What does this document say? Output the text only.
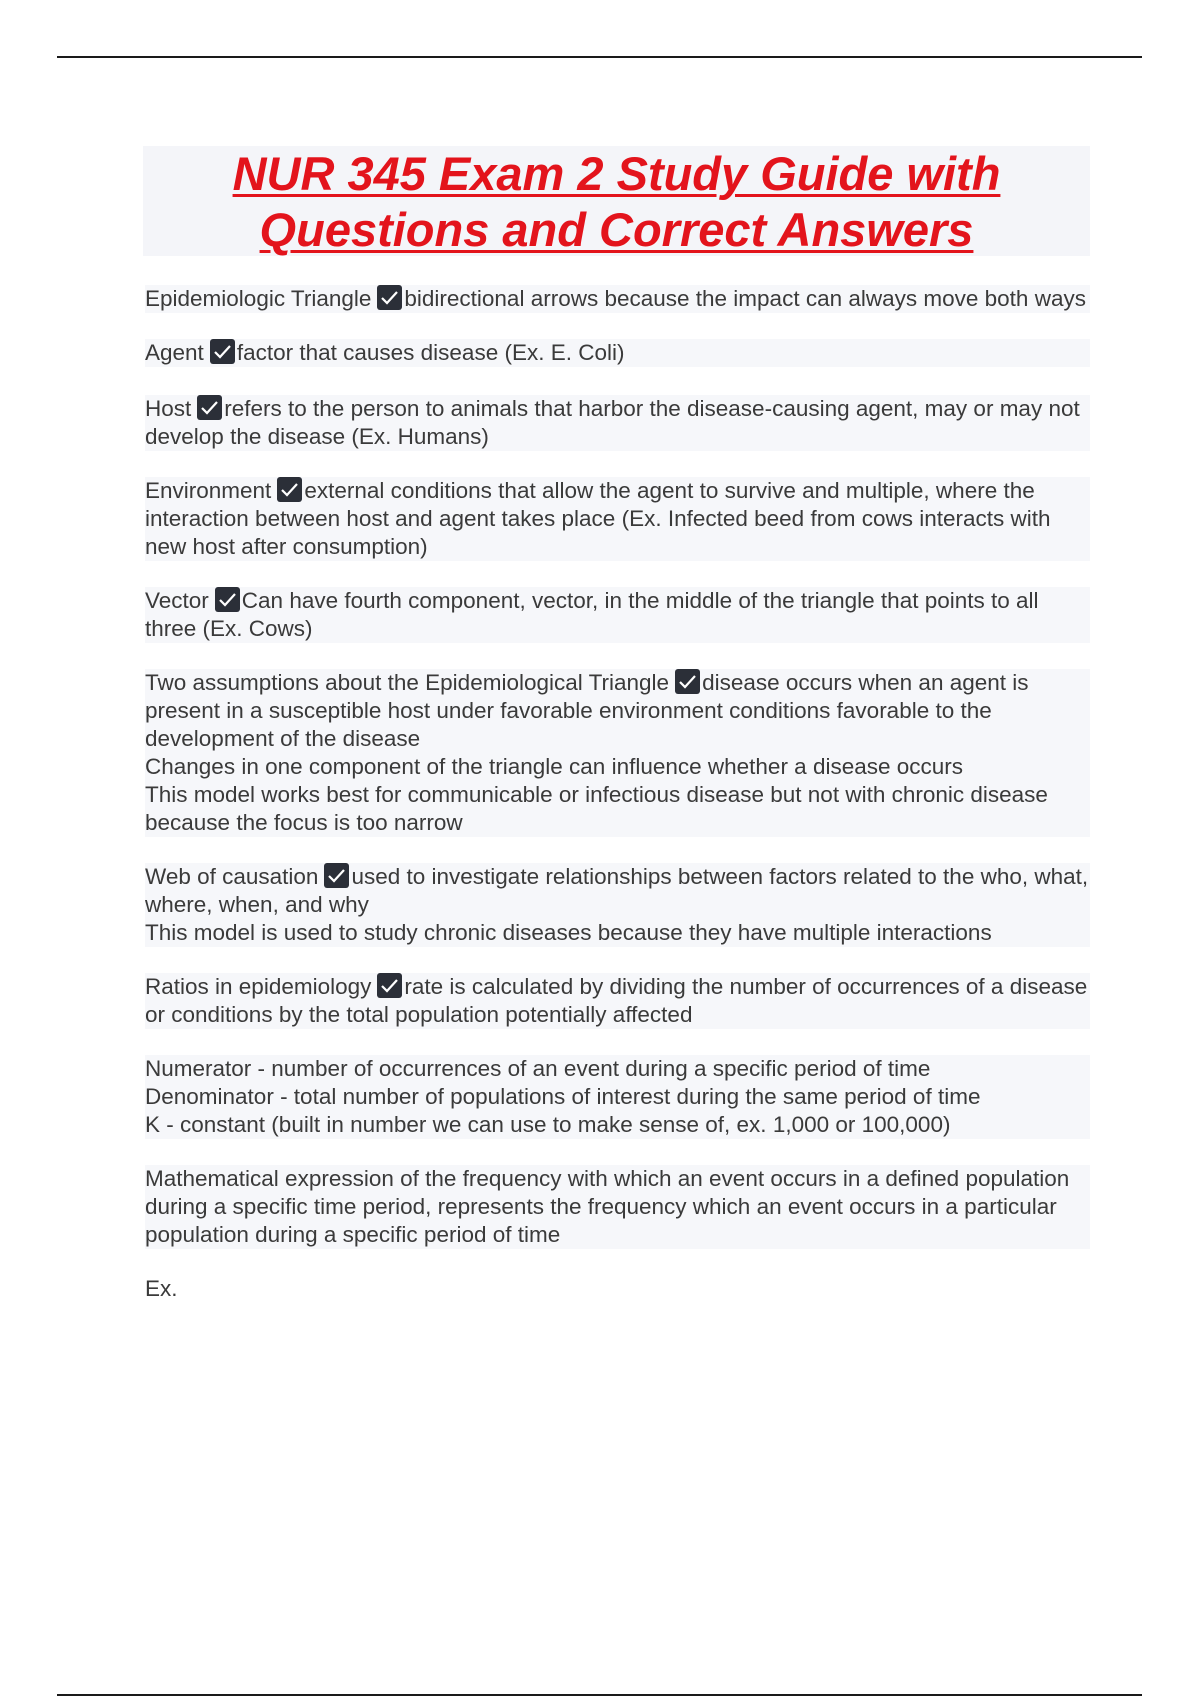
NUR 345 Exam 2 Study Guide with
Questions and Correct Answers

Epidemiologic Triangle bidirectional arrows because the impact can always move both ways

Agent factor that causes disease (Ex. E. Coli)

Host refers to the person to animals that harbor the disease-causing agent, may or may not develop the disease (Ex. Humans)

Environment external conditions that allow the agent to survive and multiple, where the interaction between host and agent takes place (Ex. Infected beed from cows interacts with new host after consumption)

Vector Can have fourth component, vector, in the middle of the triangle that points to all three (Ex. Cows)

Two assumptions about the Epidemiological Triangle disease occurs when an agent is present in a susceptible host under favorable environment conditions favorable to the development of the disease

Changes in one component of the triangle can influence whether a disease occurs

This model works best for communicable or infectious disease but not with chronic disease because the focus is too narrow

Web of causation used to investigate relationships between factors related to the who, what, where, when, and why

This model is used to study chronic diseases because they have multiple interactions

Ratios in epidemiology rate is calculated by dividing the number of occurrences of a disease or conditions by the total population potentially affected

Numerator - number of occurrences of an event during a specific period of time

Denominator - total number of populations of interest during the same period of time

K - constant (built in number we can use to make sense of, ex. 1,000 or 100,000)

Mathematical expression of the frequency with which an event occurs in a defined population during a specific time period, represents the frequency which an event occurs in a particular population during a specific period of time

Ex.
